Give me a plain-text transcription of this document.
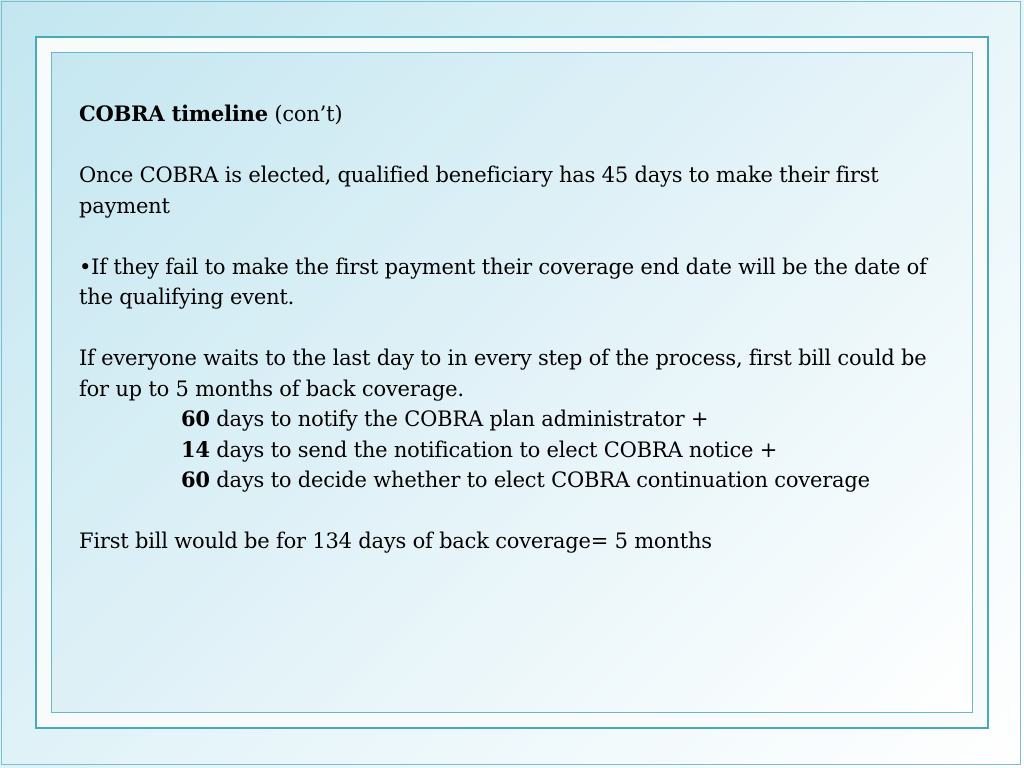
COBRA timeline (con’t)

Once COBRA is elected, qualified beneficiary has 45 days to make their first payment

•If they fail to make the first payment their coverage end date will be the date of the qualifying event.

If everyone waits to the last day to in every step of the process, first bill could be for up to 5 months of back coverage.

60 days to notify the COBRA plan administrator +

14 days to send the notification to elect COBRA notice +

60 days to decide whether to elect COBRA continuation coverage

First bill would be for 134 days of back coverage= 5 months
